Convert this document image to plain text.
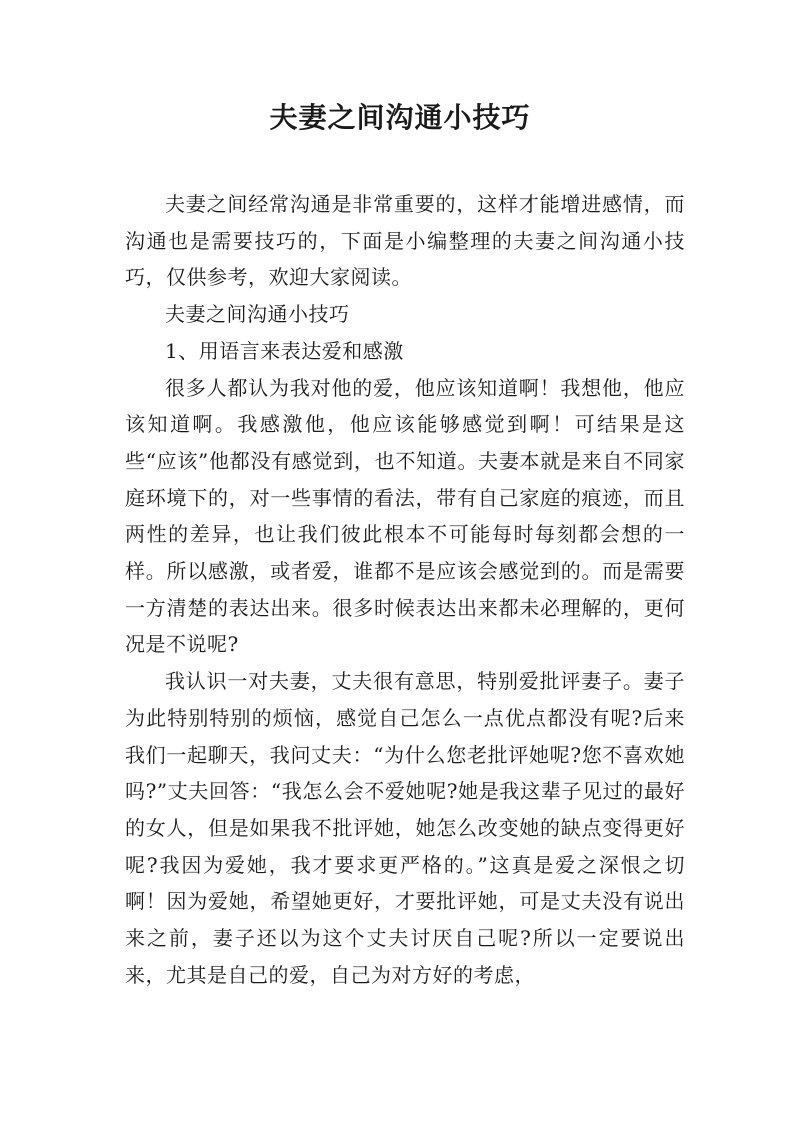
夫妻之间沟通小技巧

夫妻之间经常沟通是非常重要的，这样才能增进感情，而沟通也是需要技巧的，下面是小编整理的夫妻之间沟通小技巧，仅供参考，欢迎大家阅读。

夫妻之间沟通小技巧

1、用语言来表达爱和感激

很多人都认为我对他的爱，他应该知道啊！我想他，他应该知道啊。我感激他，他应该能够感觉到啊！可结果是这些“应该”他都没有感觉到，也不知道。夫妻本就是来自不同家庭环境下的，对一些事情的看法，带有自己家庭的痕迹，而且两性的差异，也让我们彼此根本不可能每时每刻都会想的一样。所以感激，或者爱，谁都不是应该会感觉到的。而是需要一方清楚的表达出来。很多时候表达出来都未必理解的，更何况是不说呢?

我认识一对夫妻，丈夫很有意思，特别爱批评妻子。妻子为此特别特别的烦恼，感觉自己怎么一点优点都没有呢?后来我们一起聊天，我问丈夫：“为什么您老批评她呢?您不喜欢她吗?”丈夫回答：“我怎么会不爱她呢?她是我这辈子见过的最好的女人，但是如果我不批评她，她怎么改变她的缺点变得更好呢?我因为爱她，我才要求更严格的。”这真是爱之深恨之切啊！因为爱她，希望她更好，才要批评她，可是丈夫没有说出来之前，妻子还以为这个丈夫讨厌自己呢?所以一定要说出来，尤其是自己的爱，自己为对方好的考虑，
